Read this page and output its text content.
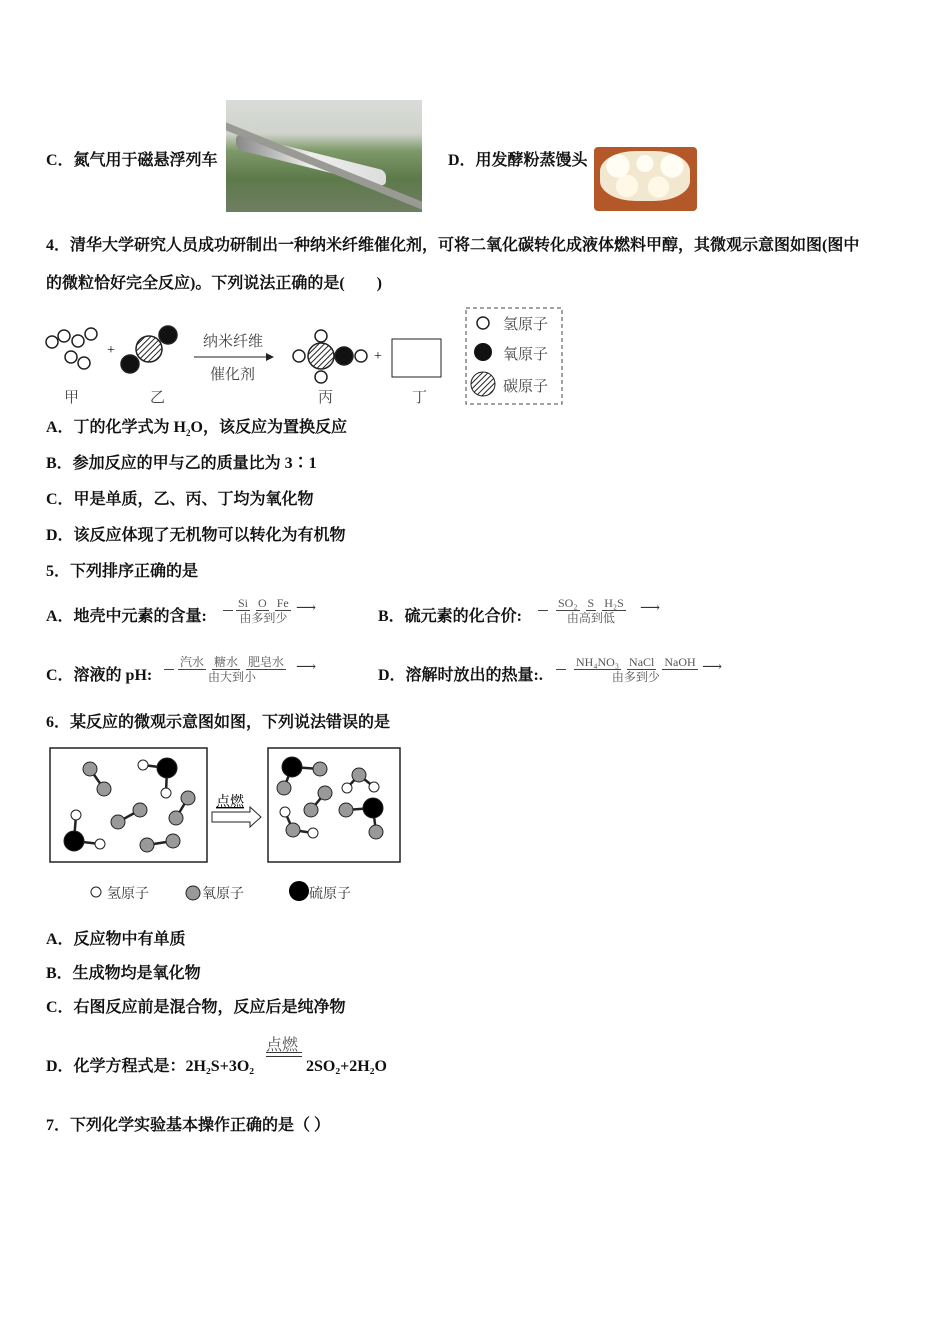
C．氮气用于磁悬浮列车	D．用发酵粉蒸馒头
4．清华大学研究人员成功研制出一种纳米纤维催化剂，可将二氧化碳转化成液体燃料甲醇，其微观示意图如图(图中
的微粒恰好完全反应)。下列说法正确的是(　　)
+
纳米纤维
催化剂
+
甲	乙	丙	丁
氢原子
氧原子
碳原子
A．丁的化学式为 $H_2O$，该反应为置换反应
B．参加反应的甲与乙的质量比为 3∶1
C．甲是单质，乙、丙、丁均为氧化物
D．该反应体现了无机物可以转化为有机物
5．下列排序正确的是
A．地壳中元素的含量:
Si O Fe
由多到少
⟶	B．硫元素的化合价:
SO₂ S H₂S
由高到低
⟶
C．溶液的 pH:
汽水 糖水 肥皂水
由大到小
⟶	D．溶解时放出的热量:.
NH₄NO₃ NaCl NaOH
由多到少
⟶
6．某反应的微观示意图如图，下列说法错误的是
点燃
氢原子	氧原子	硫原子
A．反应物中有单质
B．生成物均是氧化物
C．右图反应前是混合物，反应后是纯净物
D．化学方程式是：2H₂S+3O₂
点燃
2SO₂+2H₂O
7．下列化学实验基本操作正确的是（ ）
